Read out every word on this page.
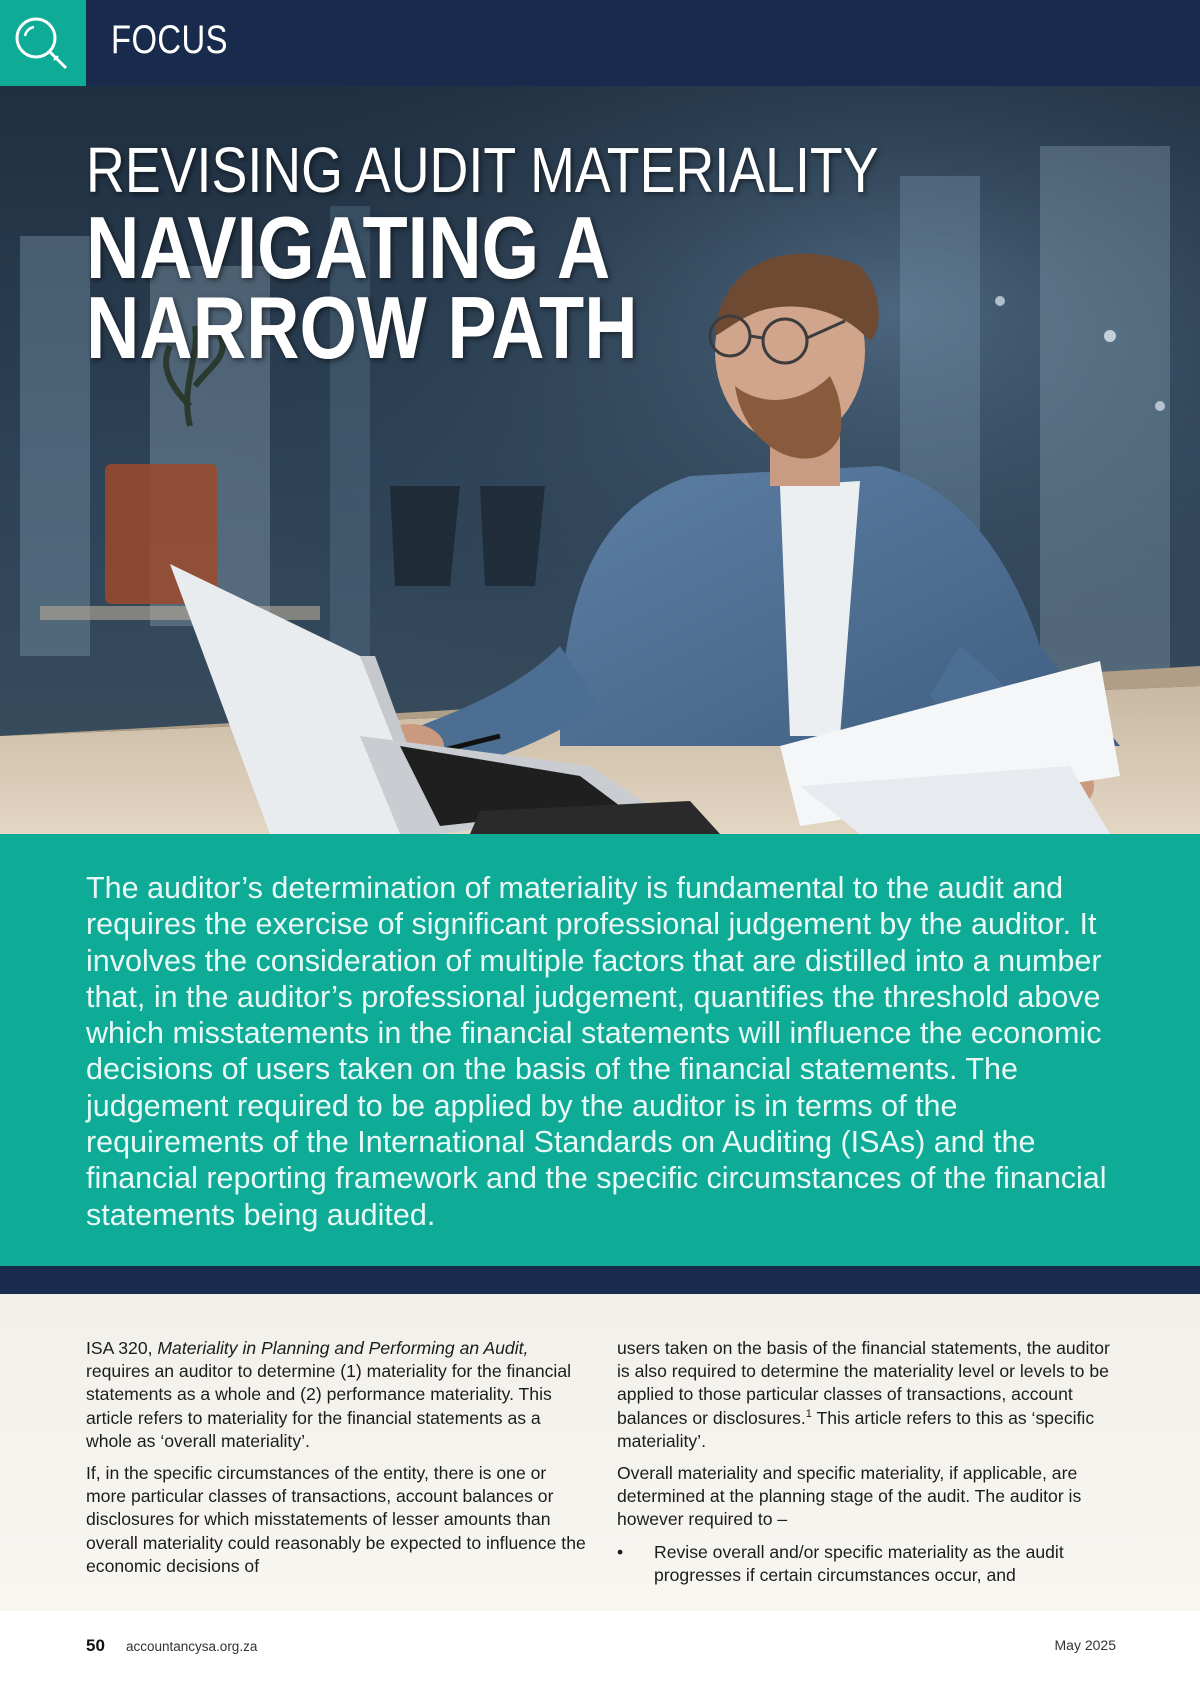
FOCUS
REVISING AUDIT MATERIALITY
NAVIGATING A
NARROW PATH

The auditor’s determination of materiality is fundamental to the audit and requires the exercise of significant professional judgement by the auditor. It involves the consideration of multiple factors that are distilled into a number that, in the auditor’s professional judgement, quantifies the threshold above which misstatements in the financial statements will influence the economic decisions of users taken on the basis of the financial statements. The judgement required to be applied by the auditor is in terms of the requirements of the International Standards on Auditing (ISAs) and the financial reporting framework and the specific circumstances of the financial statements being audited.

ISA 320, Materiality in Planning and Performing an Audit, requires an auditor to determine (1) materiality for the financial statements as a whole and (2) performance materiality. This article refers to materiality for the financial statements as a whole as ‘overall materiality’.

If, in the specific circumstances of the entity, there is one or more particular classes of transactions, account balances or disclosures for which misstatements of lesser amounts than overall materiality could reasonably be expected to influence the economic decisions of

users taken on the basis of the financial statements, the auditor is also required to determine the materiality level or levels to be applied to those particular classes of transactions, account balances or disclosures.$^1$ This article refers to this as ‘specific materiality’.

Overall materiality and specific materiality, if applicable, are determined at the planning stage of the audit. The auditor is however required to –

•	Revise overall and/or specific materiality as the audit progresses if certain circumstances occur, and
50 accountancysa.org.za	May 2025
